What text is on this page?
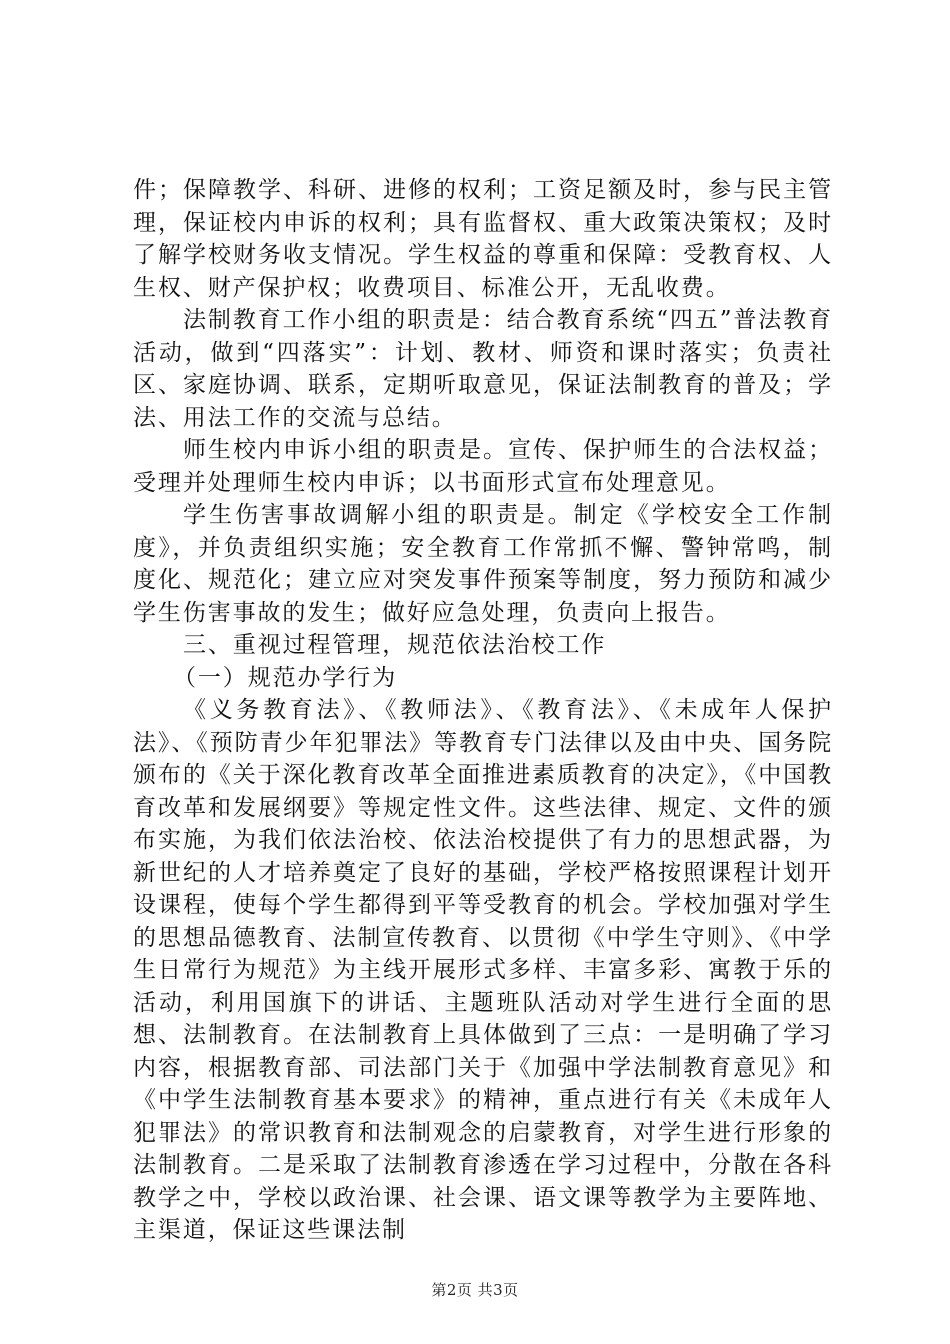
件；保障教学、科研、进修的权利；工资足额及时，参与民主管理，保证校内申诉的权利；具有监督权、重大政策决策权；及时了解学校财务收支情况。学生权益的尊重和保障：受教育权、人生权、财产保护权；收费项目、标准公开，无乱收费。

法制教育工作小组的职责是：结合教育系统“四五”普法教育活动，做到“四落实”：计划、教材、师资和课时落实；负责社区、家庭协调、联系，定期听取意见，保证法制教育的普及；学法、用法工作的交流与总结。

师生校内申诉小组的职责是。宣传、保护师生的合法权益；受理并处理师生校内申诉；以书面形式宣布处理意见。

学生伤害事故调解小组的职责是。制定《学校安全工作制度》，并负责组织实施；安全教育工作常抓不懈、警钟常鸣，制度化、规范化；建立应对突发事件预案等制度，努力预防和减少学生伤害事故的发生；做好应急处理，负责向上报告。

三、重视过程管理，规范依法治校工作

（一）规范办学行为

《义务教育法》、《教师法》、《教育法》、《未成年人保护法》、《预防青少年犯罪法》等教育专门法律以及由中央、国务院颁布的《关于深化教育改革全面推进素质教育的决定》，《中国教育改革和发展纲要》等规定性文件。这些法律、规定、文件的颁布实施，为我们依法治校、依法治校提供了有力的思想武器，为新世纪的人才培养奠定了良好的基础，学校严格按照课程计划开设课程，使每个学生都得到平等受教育的机会。学校加强对学生的思想品德教育、法制宣传教育、以贯彻《中学生守则》、《中学生日常行为规范》为主线开展形式多样、丰富多彩、寓教于乐的活动，利用国旗下的讲话、主题班队活动对学生进行全面的思想、法制教育。在法制教育上具体做到了三点：一是明确了学习内容，根据教育部、司法部门关于《加强中学法制教育意见》和《中学生法制教育基本要求》的精神，重点进行有关《未成年人犯罪法》的常识教育和法制观念的启蒙教育，对学生进行形象的法制教育。二是采取了法制教育渗透在学习过程中，分散在各科教学之中，学校以政治课、社会课、语文课等教学为主要阵地、主渠道，保证这些课法制

第2页 共3页
